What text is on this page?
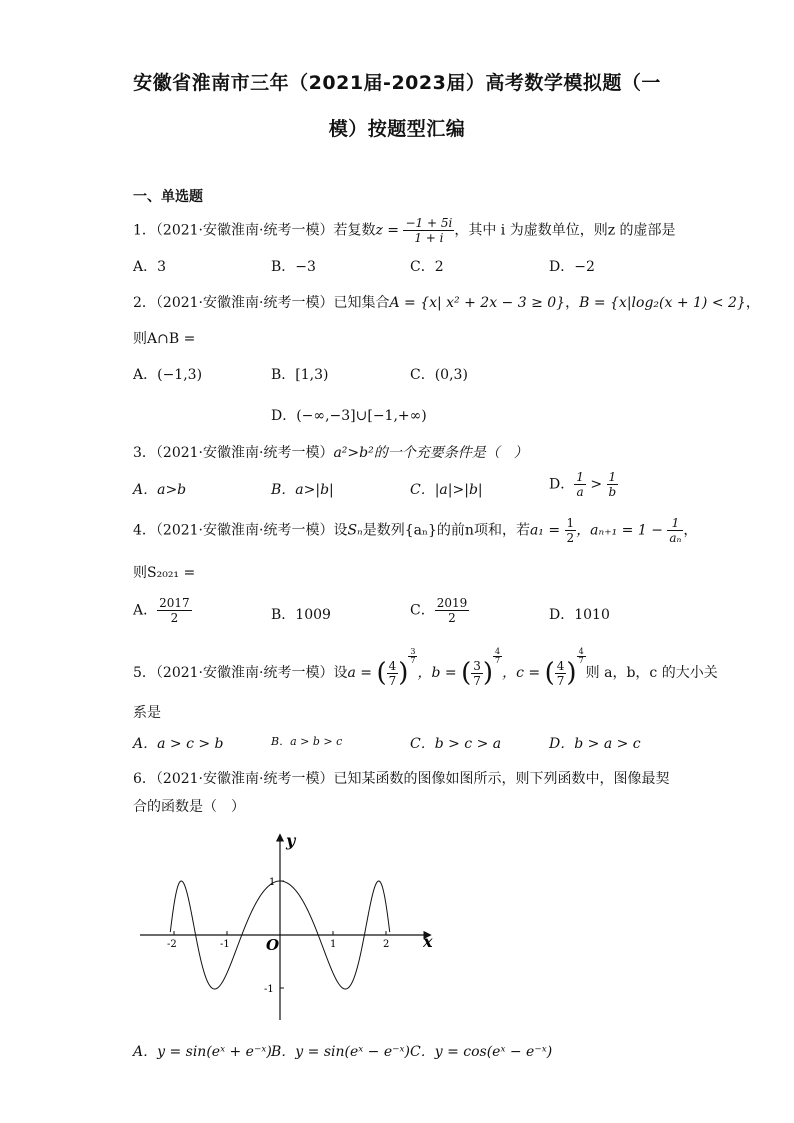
安徽省淮南市三年（2021届-2023届）高考数学模拟题（一
模）按题型汇编
一、单选题
1．（2021·安徽淮南·统考一模）若复数$z = \frac{-1 + 5i}{1 + i}$ ，其中 i 为虚数单位，则z 的虚部是
A．3	B．−3	C．2	D．−2
2．（2021·安徽淮南·统考一模）已知集合A = {x| x² + 2x − 3 ≥ 0}，B = {x|log₂(x + 1) < 2}，
则A∩B =
A．(−1,3)	B．[1,3)	C．(0,3)
D．(−∞,−3]∪[−1,+∞)
3．（2021·安徽淮南·统考一模）a²>b²的一个充要条件是（　）
A．a>b	B．a>|b|	C．|a|>|b|	D． $\frac{1}{a} > \frac{1}{b}$
4．（2021·安徽淮南·统考一模）设Sₙ是数列{aₙ}的前n项和，若$a_1 = \frac{1}{2}$ ，$a_{n+1} = 1 - \frac{1}{\text{aₙ}}$ ，
则S₂₀₂₁ =
A． $\frac{2017}{2}$	B．1009	C． $\frac{2019}{2}$	D．1010
5．（2021·安徽淮南·统考一模）设a = ( $\frac{4}{7}$ )
$\frac{3}{7}$
，b = ( $\frac{3}{7}$ )
$\frac{4}{7}$
，c = ( $\frac{4}{7}$ )
$\frac{4}{7}$
则 a，b，c 的大小关
系是
A．a > c > b	B．a > b > c	C．b > c > a	D．b > a > c
6．（2021·安徽淮南·统考一模）已知某函数的图像如图所示，则下列函数中，图像最契
合的函数是（　）
y
x
O
-2	-1	1	2
1
-1
A．y = sin(eˣ + e⁻ˣ) B．y = sin(eˣ − e⁻ˣ) C．y = cos(eˣ − e⁻ˣ)
